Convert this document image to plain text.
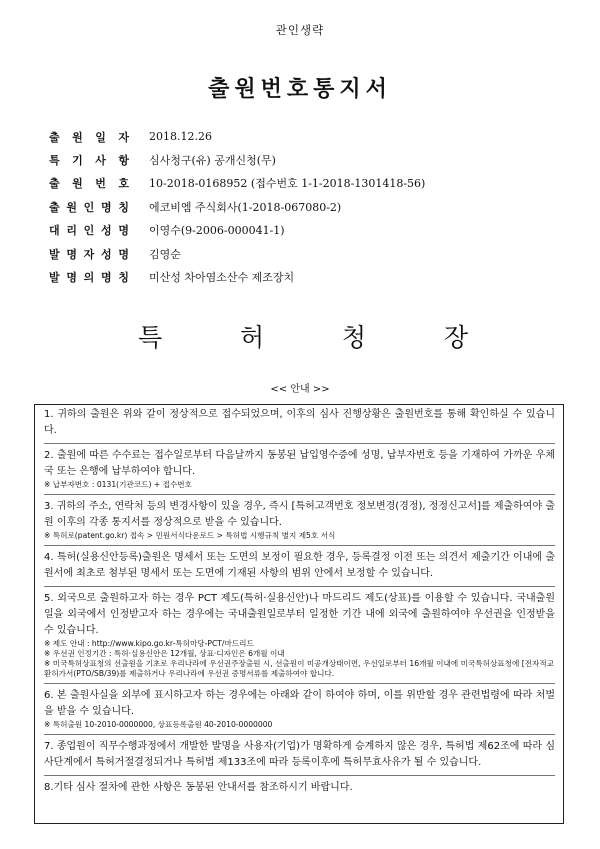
관인생략
출원번호통지서
출 원 일 자 2018.12.26
특 기 사 항 심사청구(유) 공개신청(무)
출 원 번 호 10-2018-0168952 (접수번호 1-1-2018-1301418-56)
출 원 인 명 칭 에코비엠 주식회사(1-2018-067080-2)
대 리 인 성 명 이영수(9-2006-000041-1)
발 명 자 성 명 김영순
발 명 의 명 칭 미산성 차아염소산수 제조장치
특	허	청	장
<< 안내 >>
1. 귀하의 출원은 위와 같이 정상적으로 접수되었으며, 이후의 심사 진행상황은 출원번호를 통해 확인하실 수 있습니다.
2. 출원에 따른 수수료는 접수일로부터 다음날까지 동봉된 납입영수증에 성명, 납부자번호 등을 기재하여 가까운 우체국 또는 은행에 납부하여야 합니다.
※ 납부자번호 : 0131(기관코드) + 접수번호
3. 귀하의 주소, 연락처 등의 변경사항이 있을 경우, 즉시 [특허고객번호 정보변경(경정), 정정신고서]를 제출하여야 출원 이후의 각종 통지서를 정상적으로 받을 수 있습니다.
※ 특허로(patent.go.kr) 접속 > 민원서식다운로드 > 특허법 시행규칙 별지 제5호 서식
4. 특허(실용신안등록)출원은 명세서 또는 도면의 보정이 필요한 경우, 등록결정 이전 또는 의견서 제출기간 이내에 출원서에 최초로 첨부된 명세서 또는 도면에 기재된 사항의 범위 안에서 보정할 수 있습니다.
5. 외국으로 출원하고자 하는 경우 PCT 제도(특허·실용신안)나 마드리드 제도(상표)를 이용할 수 있습니다. 국내출원일을 외국에서 인정받고자 하는 경우에는 국내출원일로부터 일정한 기간 내에 외국에 출원하여야 우선권을 인정받을 수 있습니다.
※ 제도 안내 : http://www.kipo.go.kr-특허마당-PCT/마드리드
※ 우선권 인정기간 : 특허·실용신안은 12개월, 상표·디자인은 6개월 이내
※ 미국특허상표청의 선출원을 기초로 우리나라에 우선권주장출원 시, 선출원이 미공개상태이면, 우선일로부터 16개월 이내에 미국특허상표청에 [전자적교환허가서(PTO/SB/39)를 제출하거나 우리나라에 우선권 증명서류를 제출하여야 합니다.
6. 본 출원사실을 외부에 표시하고자 하는 경우에는 아래와 같이 하여야 하며, 이를 위반할 경우 관련법령에 따라 처벌을 받을 수 있습니다.
※ 특허출원 10-2010-0000000, 상표등록출원 40-2010-0000000
7. 종업원이 직무수행과정에서 개발한 발명을 사용자(기업)가 명확하게 승계하지 않은 경우, 특허법 제62조에 따라 심사단계에서 특허거절결정되거나 특허법 제133조에 따라 등록이후에 특허무효사유가 될 수 있습니다.
8.기타 심사 절차에 관한 사항은 동봉된 안내서를 참조하시기 바랍니다.
